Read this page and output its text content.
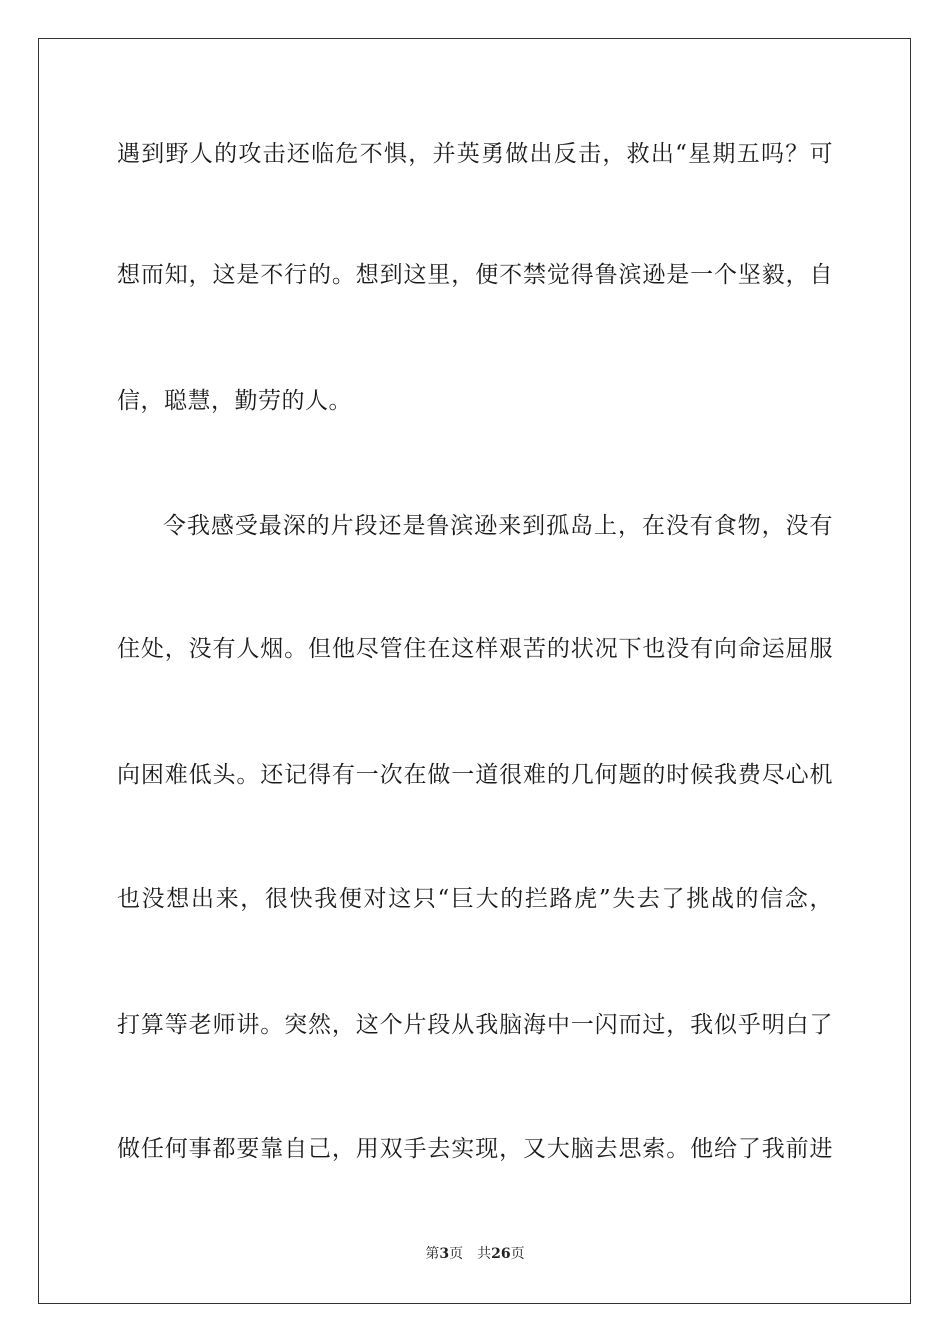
遇到野人的攻击还临危不惧，并英勇做出反击，救出“星期五吗？可
想而知，这是不行的。想到这里，便不禁觉得鲁滨逊是一个坚毅，自
信，聪慧，勤劳的人。
令我感受最深的片段还是鲁滨逊来到孤岛上，在没有食物，没有
住处，没有人烟。但他尽管住在这样艰苦的状况下也没有向命运屈服
向困难低头。还记得有一次在做一道很难的几何题的时候我费尽心机
也没想出来，很快我便对这只“巨大的拦路虎”失去了挑战的信念，
打算等老师讲。突然，这个片段从我脑海中一闪而过，我似乎明白了
做任何事都要靠自己，用双手去实现，又大脑去思索。他给了我前进
第3页 共26页
